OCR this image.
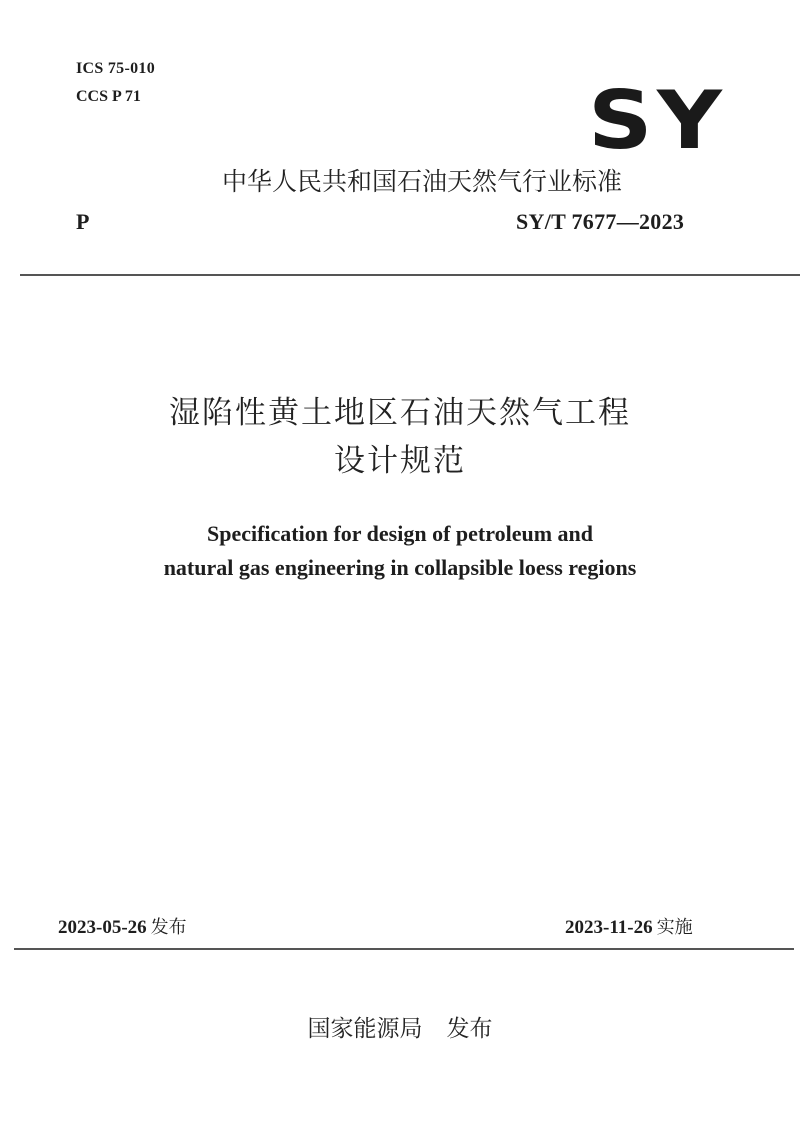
ICS 75-010
CCS P 71	SY
中华人民共和国石油天然气行业标准
P	SY/T 7677—2023
湿陷性黄土地区石油天然气工程
设计规范
Specification for design of petroleum and
natural gas engineering in collapsible loess regions
2023-05-26 发布	2023-11-26 实施
国家能源局 发布
